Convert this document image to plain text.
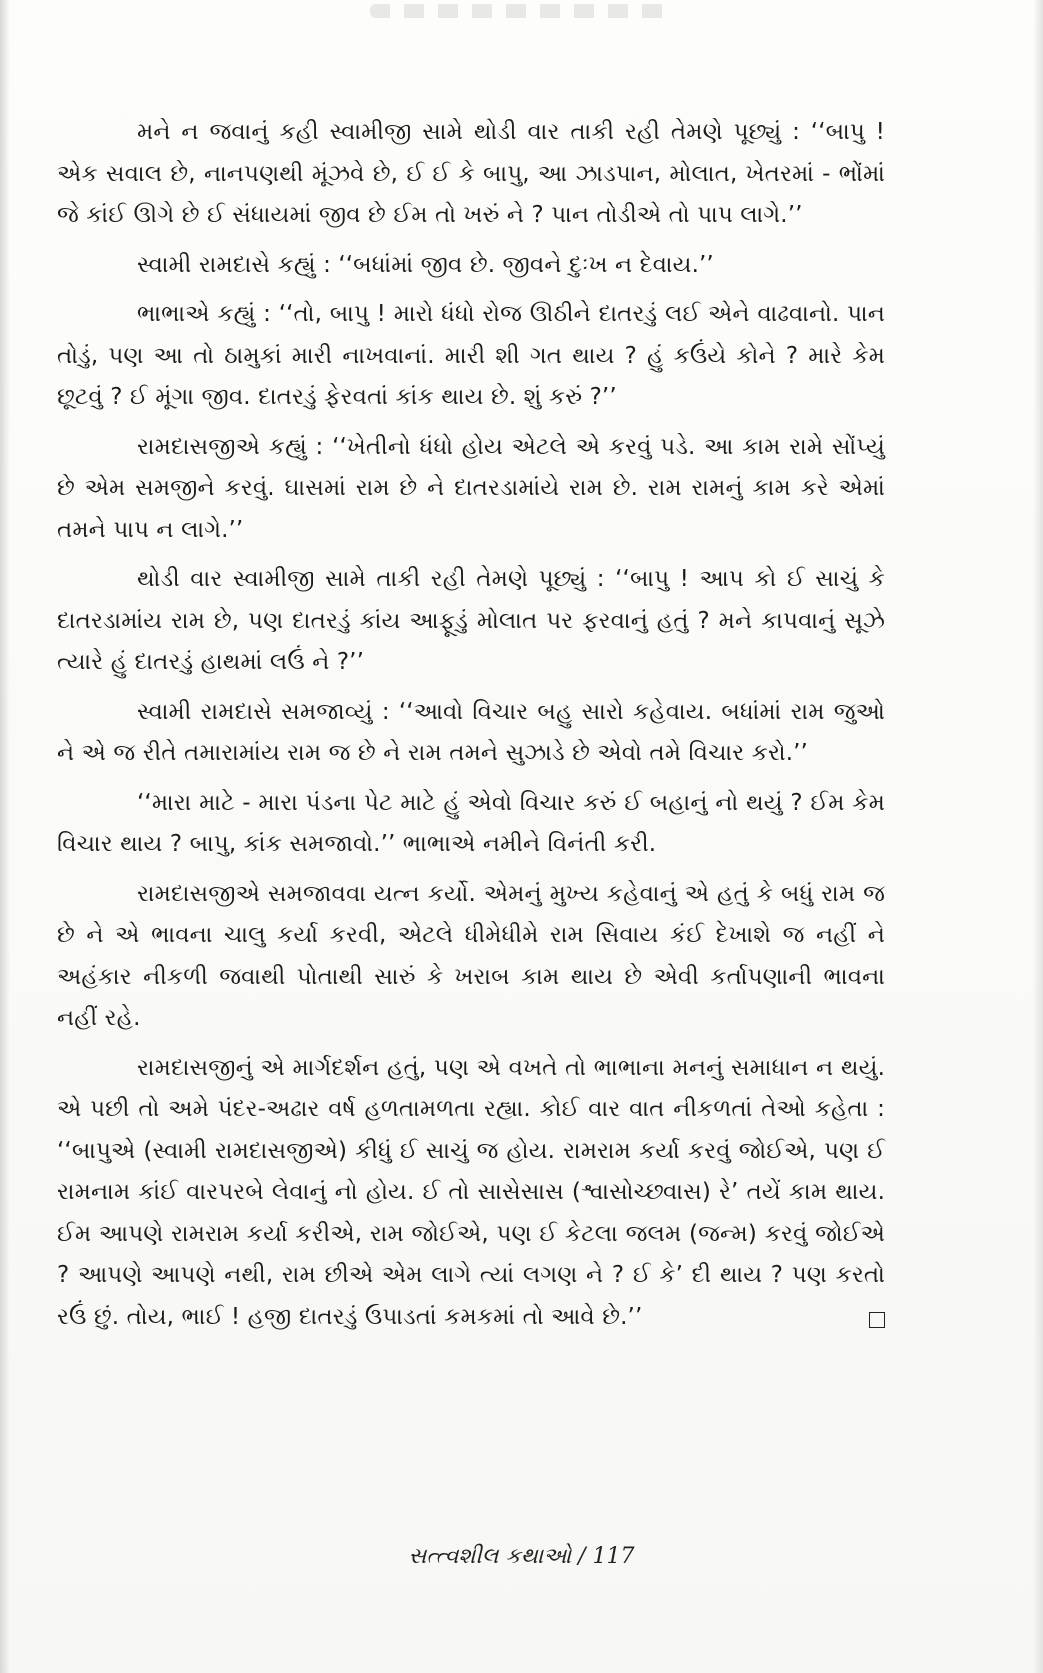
મને ન જવાનું કહી સ્વામીજી સામે થોડી વાર તાકી રહી તેમણે પૂછ્યું : ‘‘બાપુ ! એક સવાલ છે, નાનપણથી મૂંઝવે છે, ઈ ઈ કે બાપુ, આ ઝાડપાન, મોલાત, ખેતરમાં - ભોંમાં જે કાંઈ ઊગે છે ઈ સંધાયમાં જીવ છે ઈમ તો ખરું ને ? પાન તોડીએ તો પાપ લાગે.’’

સ્વામી રામદાસે કહ્યું : ‘‘બધાંમાં જીવ છે. જીવને દુઃખ ન દેવાય.’’

ભાભાએ કહ્યું : ‘‘તો, બાપુ ! મારો ધંધો રોજ ઊઠીને દાતરડું લઈ એને વાઢવાનો. પાન તોડું, પણ આ તો ઠામુકાં મારી નાખવાનાં. મારી શી ગત થાય ? હું કઉંયે કોને ? મારે કેમ છૂટવું ? ઈ મૂંગા જીવ. દાતરડું ફેરવતાં કાંક થાય છે. શું કરું ?’’

રામદાસજીએ કહ્યું : ‘‘ખેતીનો ધંધો હોય એટલે એ કરવું પડે. આ કામ રામે સોંપ્યું છે એમ સમજીને કરવું. ઘાસમાં રામ છે ને દાતરડામાંયે રામ છે. રામ રામનું કામ કરે એમાં તમને પાપ ન લાગે.’’

થોડી વાર સ્વામીજી સામે તાકી રહી તેમણે પૂછ્યું : ‘‘બાપુ ! આપ કો ઈ સાચું કે દાતરડામાંય રામ છે, પણ દાતરડું કાંય આફૂડું મોલાત પર ફરવાનું હતું ? મને કાપવાનું સૂઝે ત્યારે હું દાતરડું હાથમાં લઉં ને ?’’

સ્વામી રામદાસે સમજાવ્યું : ‘‘આવો વિચાર બહુ સારો કહેવાય. બધાંમાં રામ જુઓ ને એ જ રીતે તમારામાંય રામ જ છે ને રામ તમને સુઝાડે છે એવો તમે વિચાર કરો.’’

‘‘મારા માટે - મારા પંડના પેટ માટે હું એવો વિચાર કરું ઈ બહાનું નો થયું ? ઈમ કેમ વિચાર થાય ? બાપુ, કાંક સમજાવો.’’ ભાભાએ નમીને વિનંતી કરી.

રામદાસજીએ સમજાવવા યત્ન કર્યો. એમનું મુખ્ય કહેવાનું એ હતું કે બધું રામ જ છે ને એ ભાવના ચાલુ કર્યા કરવી, એટલે ધીમેધીમે રામ સિવાય કંઈ દેખાશે જ નહીં ને અહંકાર નીકળી જવાથી પોતાથી સારું કે ખરાબ કામ થાય છે એવી કર્તાપણાની ભાવના નહીં રહે.

રામદાસજીનું એ માર્ગદર્શન હતું, પણ એ વખતે તો ભાભાના મનનું સમાધાન ન થયું. એ પછી તો અમે પંદર-અઢાર વર્ષ હળતામળતા રહ્યા. કોઈ વાર વાત નીકળતાં તેઓ કહેતા : ‘‘બાપુએ (સ્વામી રામદાસજીએ) કીધું ઈ સાચું જ હોય. રામરામ કર્યા કરવું જોઈએ, પણ ઈ રામનામ કાંઈ વારપરબે લેવાનું નો હોય. ઈ તો સાસેસાસ (શ્વાસોચ્છ્વાસ) રે’ તયેં કામ થાય. ઈમ આપણે રામરામ કર્યા કરીએ, રામ જોઈએ, પણ ઈ કેટલા જલમ (જન્મ) કરવું જોઈએ ? આપણે આપણે નથી, રામ છીએ એમ લાગે ત્યાં લગણ ને ? ઈ કે’ દી થાય ? પણ કરતો રઉં છું. તોય, ભાઈ ! હજી દાતરડું ઉપાડતાં કમકમાં તો આવે છે.’’

સત્ત્વશીલ કથાઓ / 117
